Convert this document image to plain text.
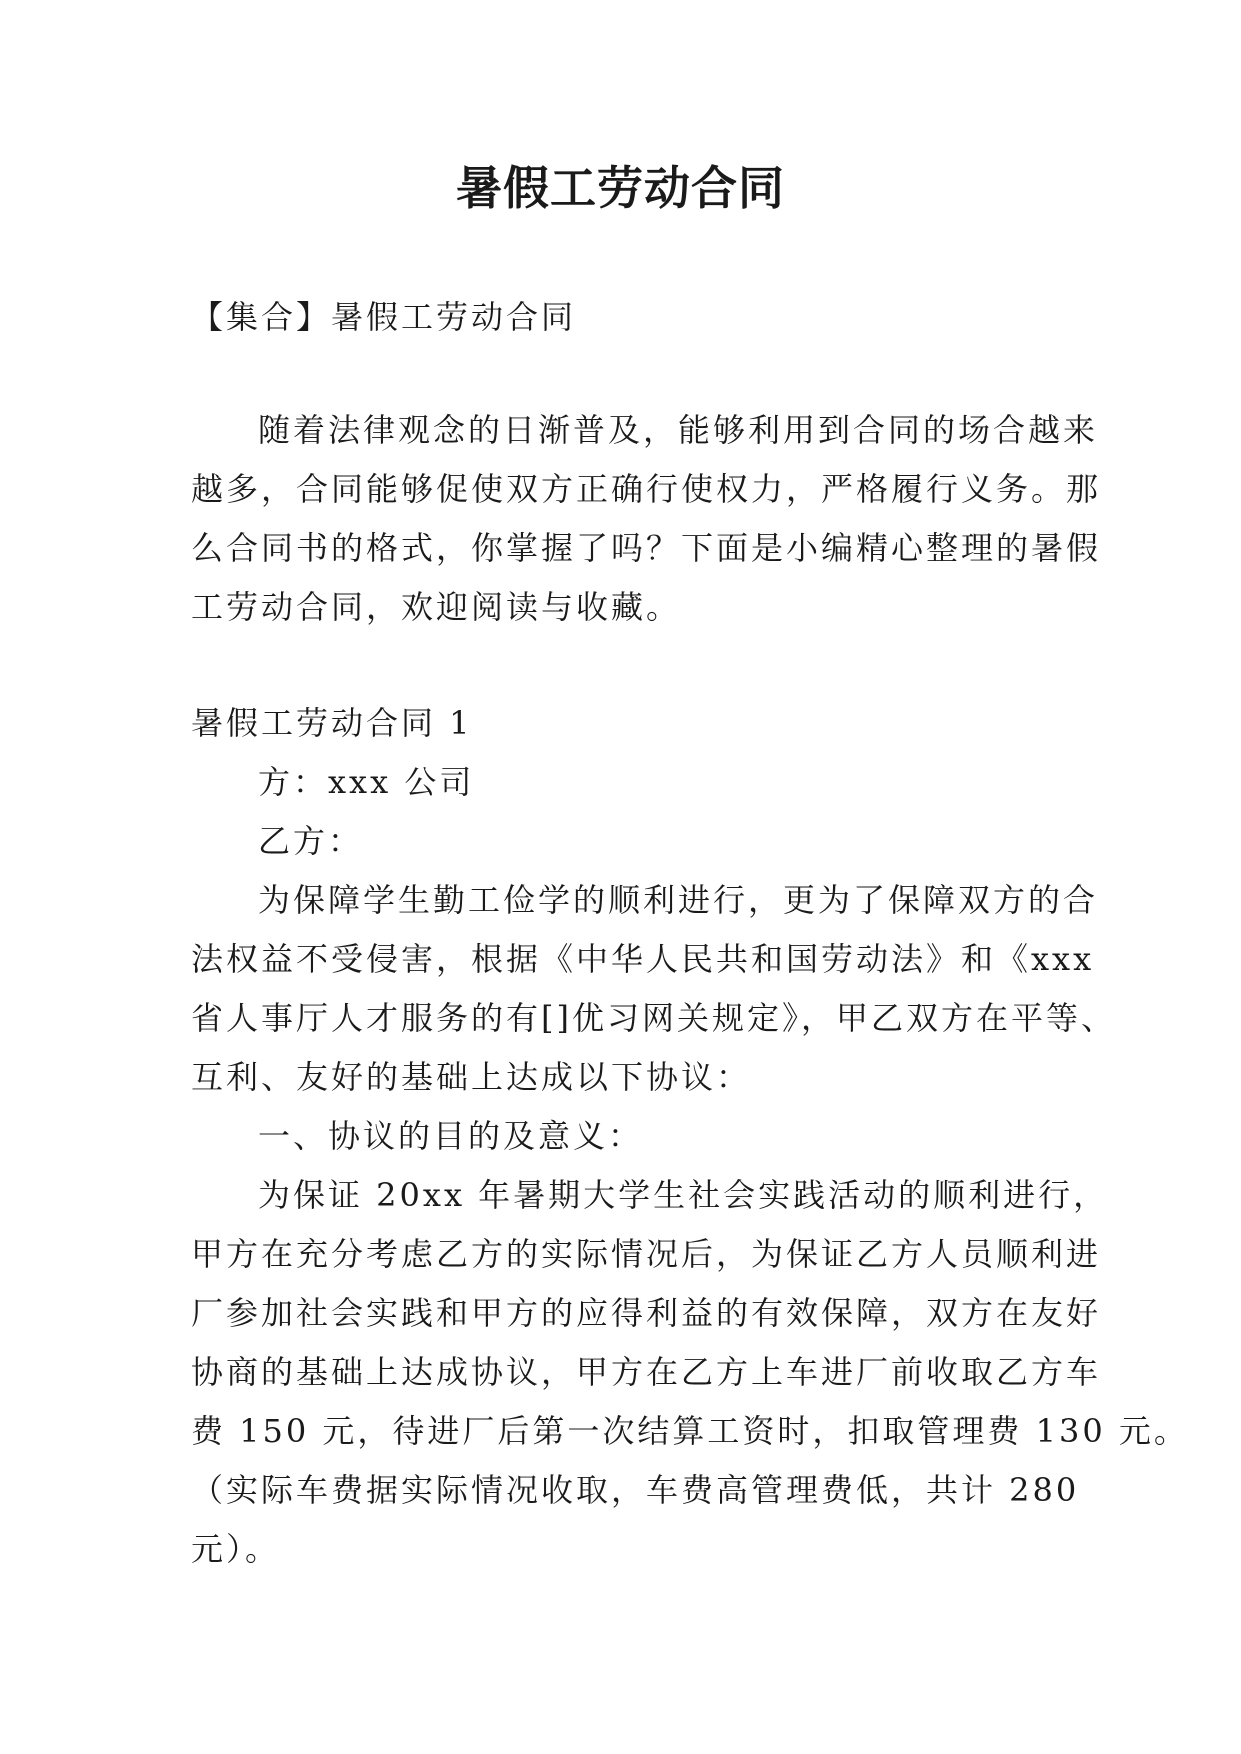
暑假工劳动合同

【集合】暑假工劳动合同

随着法律观念的日渐普及，能够利用到合同的场合越来

越多，合同能够促使双方正确行使权力，严格履行义务。那

么合同书的格式，你掌握了吗？下面是小编精心整理的暑假

工劳动合同，欢迎阅读与收藏。

暑假工劳动合同 1

方：xxx 公司

乙方：

为保障学生勤工俭学的顺利进行，更为了保障双方的合

法权益不受侵害，根据《中华人民共和国劳动法》和《xxx

省人事厅人才服务的有[]优习网关规定》，甲乙双方在平等、

互利、友好的基础上达成以下协议：

一、协议的目的及意义：

为保证 20xx 年暑期大学生社会实践活动的顺利进行，

甲方在充分考虑乙方的实际情况后，为保证乙方人员顺利进

厂参加社会实践和甲方的应得利益的有效保障，双方在友好

协商的基础上达成协议，甲方在乙方上车进厂前收取乙方车

费 150 元，待进厂后第一次结算工资时，扣取管理费 130 元。

（实际车费据实际情况收取，车费高管理费低，共计 280

元）。
